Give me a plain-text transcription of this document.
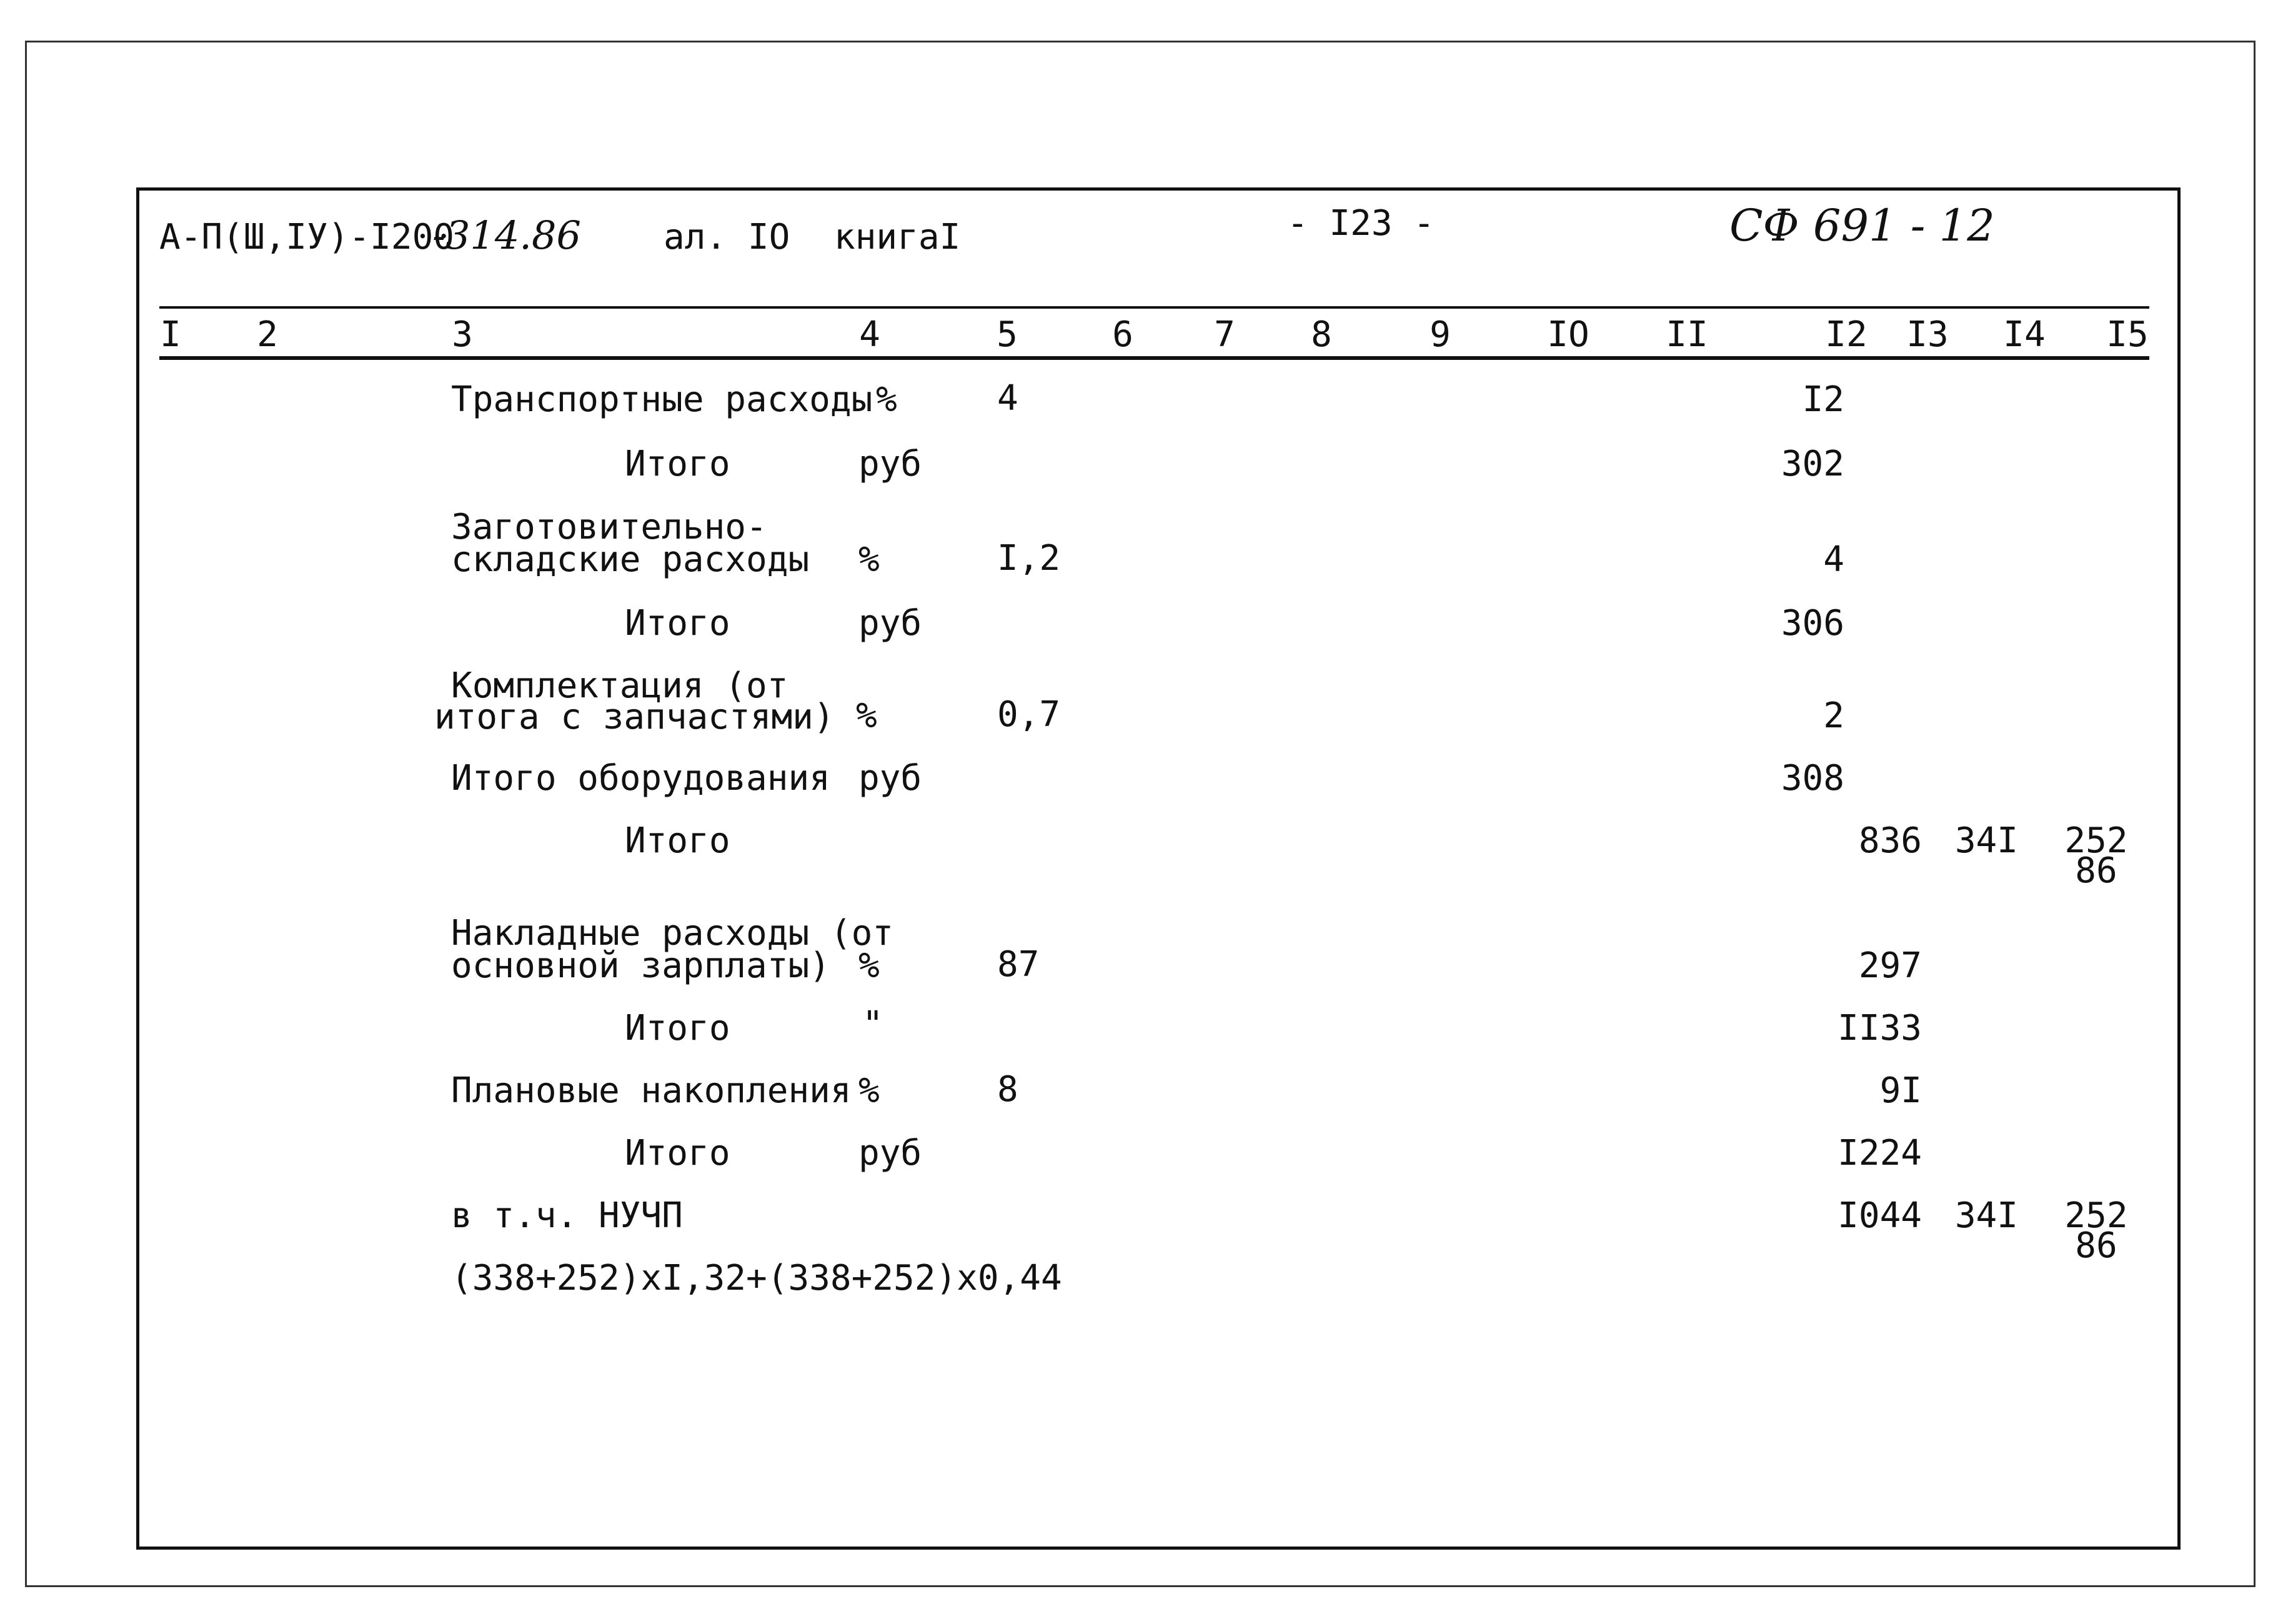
А-П(Ш,IУ)-I200
-314.86 ал. IO книгаI	- I23 -	СФ 691 - 12
I 2	3	4	5	6 7 8	9	IO II	I2 I3 I4 I5
Транспортные расходы %	4	I2
Итого	руб	302
Заготовительно-
складские расходы %	I,2	4
Итого	руб	306
Комплектация (от
итога с запчастями) %	0,7	2
Итого оборудования руб	308
Итого	836 34I 252
86
Накладные расходы (от
основной зарплаты) %	87	297
Итого	"	II33
Плановые накопления %	8	9I
Итого	руб	I224
в т.ч. НУЧП	I044 34I 252
86
(338+252)xI,32+(338+252)x0,44
